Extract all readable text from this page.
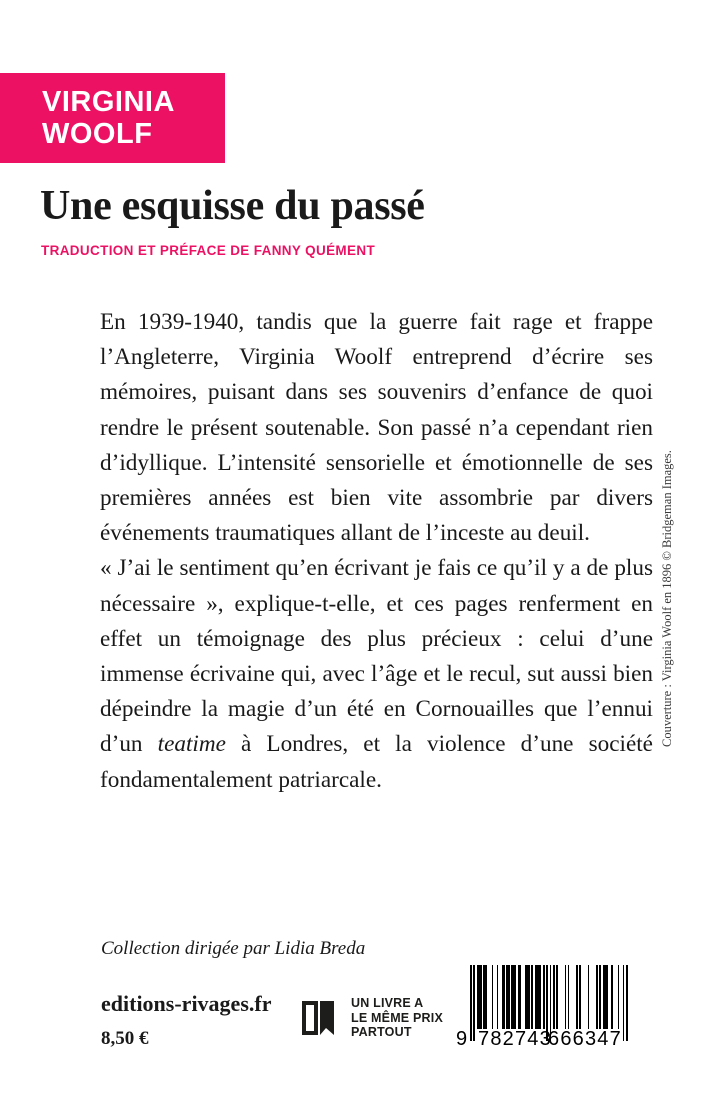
VIRGINIA
WOOLF
Une esquisse du passé
TRADUCTION ET PRÉFACE DE FANNY QUÉMENT

En 1939-1940, tandis que la guerre fait rage et frappe l’Angleterre, Virginia Woolf entreprend d’écrire ses mémoires, puisant dans ses souvenirs d’enfance de quoi rendre le présent soutenable. Son passé n’a cependant rien d’idyllique. L’intensité sensorielle et émotionnelle de ses premières années est bien vite assombrie par divers événements traumatiques allant de l’inceste au deuil.

« J’ai le sentiment qu’en écrivant je fais ce qu’il y a de plus nécessaire », explique-t-elle, et ces pages renferment en effet un témoignage des plus précieux : celui d’une immense écrivaine qui, avec l’âge et le recul, sut aussi bien dépeindre la magie d’un été en Cornouailles que l’ennui d’un teatime à Londres, et la violence d’une société fondamentalement patriarcale.

Collection dirigée par Lidia Breda
editions-rivages.fr
8,50 €
UN LIVRE A
LE MÊME PRIX
PARTOUT	9 782743
666347
Couverture : Virginia Woolf en 1896 © Bridgeman Images.
